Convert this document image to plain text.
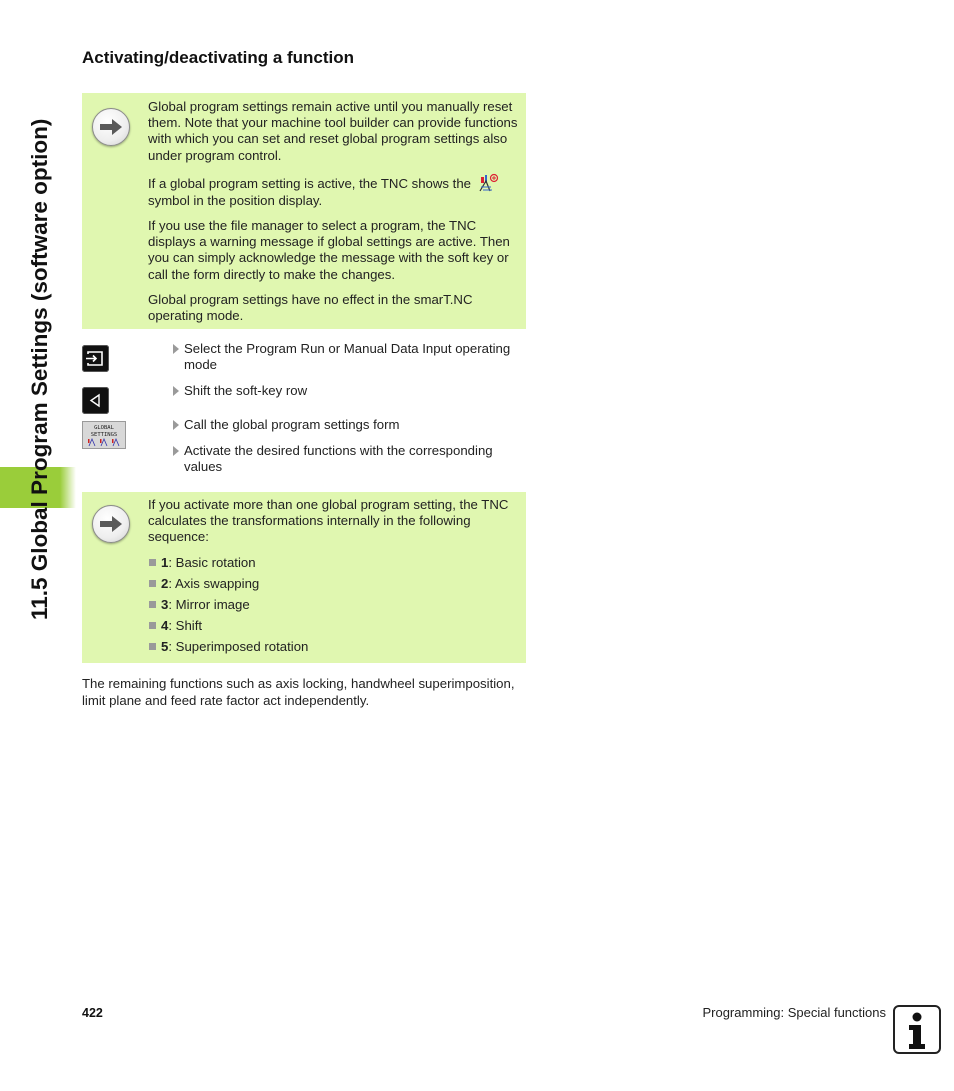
11.5 Global Program Settings (software option)
Activating/deactivating a function

Global program settings remain active until you manually reset them. Note that your machine tool builder can provide functions with which you can set and reset global program settings also under program control.

If a global program setting is active, the TNC shows the  symbol in the position display.

If you use the file manager to select a program, the TNC displays a warning message if global settings are active. Then you can simply acknowledge the message with the soft key or call the form directly to make the changes.

Global program settings have no effect in the smarT.NC operating mode.

GLOBAL
SETTINGS
Select the Program Run or Manual Data Input operating mode
Shift the soft-key row
Call the global program settings form
Activate the desired functions with the corresponding values
If you activate more than one global program setting, the TNC calculates the transformations internally in the following sequence:
1: Basic rotation
2: Axis swapping
3: Mirror image
4: Shift
5: Superimposed rotation
The remaining functions such as axis locking, handwheel superimposition, limit plane and feed rate factor act independently.
422	Programming: Special functions
